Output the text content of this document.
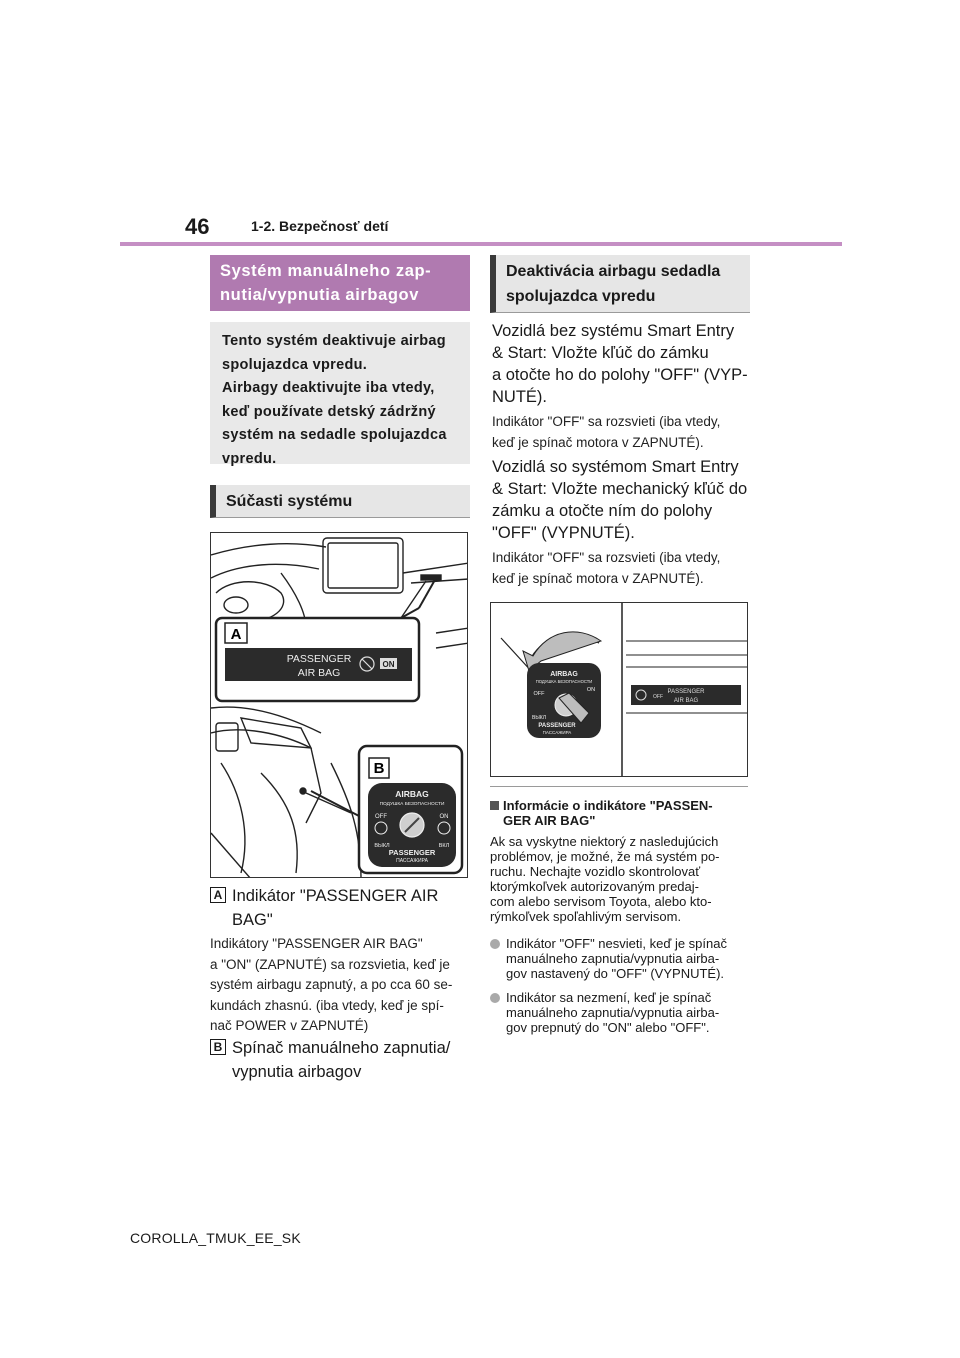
46	1-2. Bezpečnosť detí
Systém manuálneho zap-
nutia/vypnutia airbagov
Tento systém deaktivuje airbag
spolujazdca vpredu.
Airbagy deaktivujte iba vtedy,
keď používate detský zádržný
systém na sedadle spolujazdca
vpredu.
Súčasti systému
A
PASSENGER
AIR BAG
ON
B
AIRBAG
ПОДУШКА БЕЗОПАСНОСТИ
OFF	ON
ВЫКЛ	ВКЛ
PASSENGER
ПАССАЖИРА
A Indikátor "PASSENGER AIR
BAG"
Indikátory "PASSENGER AIR BAG"
a "ON" (ZAPNUTÉ) sa rozsvietia, keď je
systém airbagu zapnutý, a po cca 60 se-
kundách zhasnú. (iba vtedy, keď je spí-
nač POWER v ZAPNUTÉ)
B Spínač manuálneho zapnutia/
vypnutia airbagov
Deaktivácia airbagu sedadla
spolujazdca vpredu
Vozidlá bez systému Smart Entry
& Start: Vložte kľúč do zámku
a otočte ho do polohy "OFF" (VYP-
NUTÉ).
Indikátor "OFF" sa rozsvieti (iba vtedy,
keď je spínač motora v ZAPNUTÉ).
Vozidlá so systémom Smart Entry
& Start: Vložte mechanický kľúč do
zámku a otočte ním do polohy
"OFF" (VYPNUTÉ).
Indikátor "OFF" sa rozsvieti (iba vtedy,
keď je spínač motora v ZAPNUTÉ).
OFF
PASSENGER
AIR BAG
AIRBAG
ПОДУШКА БЕЗОПАСНОСТИ
OFF
ON
ВЫКЛ
PASSENGER
ПАССАЖИРА
Informácie o indikátore "PASSEN-
GER AIR BAG"
Ak sa vyskytne niektorý z nasledujúcich
problémov, je možné, že má systém po-
ruchu. Nechajte vozidlo skontrolovať
ktorýmkoľvek autorizovaným predaj-
com alebo servisom Toyota, alebo kto-
rýmkoľvek spoľahlivým servisom.
Indikátor "OFF" nesvieti, keď je spínač
manuálneho zapnutia/vypnutia airba-
gov nastavený do "OFF" (VYPNUTÉ).
Indikátor sa nezmení, keď je spínač
manuálneho zapnutia/vypnutia airba-
gov prepnutý do "ON" alebo "OFF".
COROLLA_TMUK_EE_SK
